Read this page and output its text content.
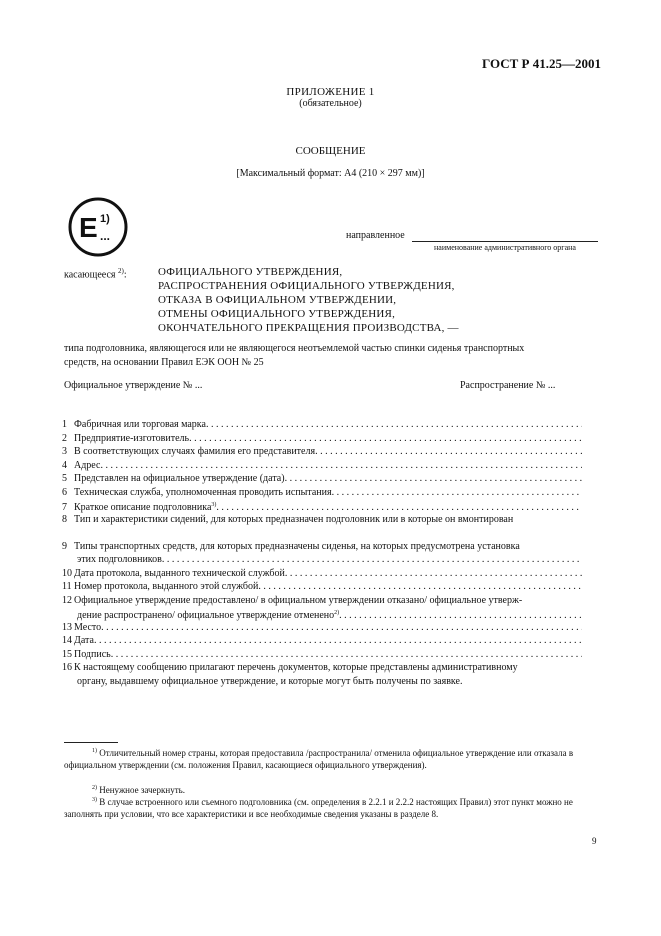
ГОСТ Р 41.25—2001
ПРИЛОЖЕНИЕ 1
(обязательное)
СООБЩЕНИЕ
[Максимальный формат: А4 (210 × 297 мм)]
E 1)
...	направленное
наименование административного органа
касающееся $^{2)}$:	ОФИЦИАЛЬНОГО УТВЕРЖДЕНИЯ,
РАСПРОСТРАНЕНИЯ ОФИЦИАЛЬНОГО УТВЕРЖДЕНИЯ,
ОТКАЗА В ОФИЦИАЛЬНОМ УТВЕРЖДЕНИИ,
ОТМЕНЫ ОФИЦИАЛЬНОГО УТВЕРЖДЕНИЯ,
ОКОНЧАТЕЛЬНОГО ПРЕКРАЩЕНИЯ ПРОИЗВОДСТВА, —
типа подголовника, являющегося или не являющегося неотъемлемой частью спинки сиденья транспортных
средств, на основании Правил ЕЭК ООН № 25
Официальное утверждение № ...	Распространение № ...
1 Фабричная или торговая марка . . .
2 Предприятие-изготовитель . . .
3 В соответствующих случаях фамилия его представителя . . .
4 Адрес . . .
5 Представлен на официальное утверждение (дата) . . .
6 Техническая служба, уполномоченная проводить испытания . . .
7 Краткое описание подголовника$^{3)}$ . . .
8 Тип и характеристики сидений, для которых предназначен подголовник или в которые он вмонтирован
9 Типы транспортных средств, для которых предназначены сиденья, на которых предусмотрена установка
этих подголовников . . .
10 Дата протокола, выданного технической службой . . .
11 Номер протокола, выданного этой службой . . .
12 Официальное утверждение предоставлено/ в официальном утверждении отказано/ официальное утверж-
дение распространено/ официальное утверждение отменено$^{2)}$ . . .
13 Место . . .
14 Дата . . .
15 Подпись . . .
16 К настоящему сообщению прилагают перечень документов, которые представлены административному
органу, выдавшему официальное утверждение, и которые могут быть получены по заявке.
$^{1)}$ Отличительный номер страны, которая предоставила /распространила/ отменила официальное утверждение или отказала в официальном утверждении (см. положения Правил, касающиеся официального утверждения).
$^{2)}$ Ненужное зачеркнуть.
$^{3)}$ В случае встроенного или съемного подголовника (см. определения в 2.2.1 и 2.2.2 настоящих Правил) этот пункт можно не заполнять при условии, что все характеристики и все необходимые сведения указаны в разделе 8.
9
